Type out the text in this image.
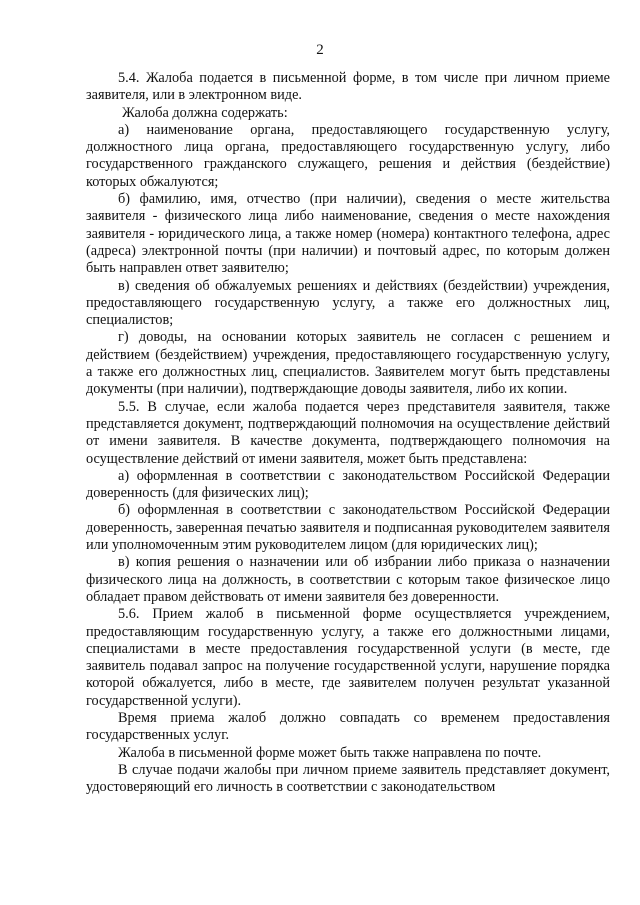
2

5.4. Жалоба подается в письменной форме, в том числе при личном приеме заявителя, или в электронном виде.

Жалоба должна содержать:

а) наименование органа, предоставляющего государственную услугу, должностного лица органа, предоставляющего государственную услугу, либо государственного гражданского служащего, решения и действия (бездействие) которых обжалуются;

б) фамилию, имя, отчество (при наличии), сведения о месте жительства заявителя - физического лица либо наименование, сведения о месте нахождения заявителя - юридического лица, а также номер (номера) контактного телефона, адрес (адреса) электронной почты (при наличии) и почтовый адрес, по которым должен быть направлен ответ заявителю;

в) сведения об обжалуемых решениях и действиях (бездействии) учреждения, предоставляющего государственную услугу, а также его должностных лиц, специалистов;

г) доводы, на основании которых заявитель не согласен с решением и действием (бездействием) учреждения, предоставляющего государственную услугу, а также его должностных лиц, специалистов. Заявителем могут быть представлены документы (при наличии), подтверждающие доводы заявителя, либо их копии.

5.5. В случае, если жалоба подается через представителя заявителя, также представляется документ, подтверждающий полномочия на осуществление действий от имени заявителя. В качестве документа, подтверждающего полномочия на осуществление действий от имени заявителя, может быть представлена:

а) оформленная в соответствии с законодательством Российской Федерации доверенность (для физических лиц);

б) оформленная в соответствии с законодательством Российской Федерации доверенность, заверенная печатью заявителя и подписанная руководителем заявителя или уполномоченным этим руководителем лицом (для юридических лиц);

в) копия решения о назначении или об избрании либо приказа о назначении физического лица на должность, в соответствии с которым такое физическое лицо обладает правом действовать от имени заявителя без доверенности.

5.6. Прием жалоб в письменной форме осуществляется учреждением, предоставляющим государственную услугу, а также его должностными лицами, специалистами в месте предоставления государственной услуги (в месте, где заявитель подавал запрос на получение государственной услуги, нарушение порядка которой обжалуется, либо в месте, где заявителем получен результат указанной государственной услуги).

Время приема жалоб должно совпадать со временем предоставления государственных услуг.

Жалоба в письменной форме может быть также направлена по почте.

В случае подачи жалобы при личном приеме заявитель представляет документ, удостоверяющий его личность в соответствии с законодательством
